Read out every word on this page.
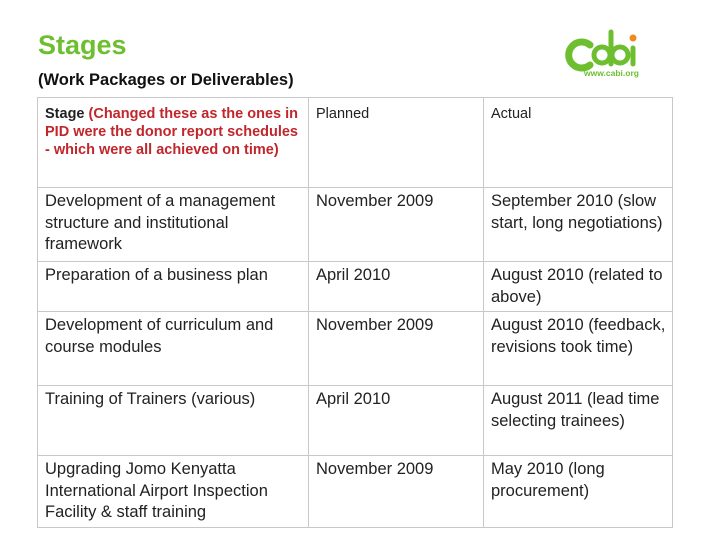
Stages
(Work Packages or Deliverables)	www.cabi.org
Stage (Changed these as the ones in PID were the donor report schedules - which were all achieved on time)	Planned	Actual
Development of a management structure and institutional framework	November 2009	September 2010 (slow start, long negotiations)
Preparation of a business plan	April 2010	August 2010 (related to above)
Development of curriculum and course modules	November 2009	August 2010 (feedback, revisions took time)
Training of Trainers (various)	April 2010	August 2011 (lead time selecting trainees)
Upgrading Jomo Kenyatta International Airport Inspection Facility & staff training	November 2009	May 2010 (long procurement)
